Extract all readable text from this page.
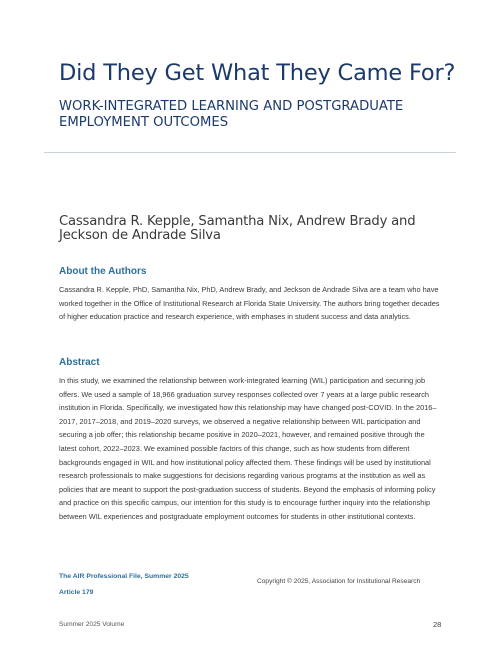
Did They Get What They Came For?
WORK-INTEGRATED LEARNING AND POSTGRADUATE EMPLOYMENT OUTCOMES

Cassandra R. Kepple, Samantha Nix, Andrew Brady and Jeckson de Andrade Silva

About the Authors

Cassandra R. Kepple, PhD, Samantha Nix, PhD, Andrew Brady, and Jeckson de Andrade Silva are a team who have worked together in the Office of Institutional Research at Florida State University. The authors bring together decades of higher education practice and research experience, with emphases in student success and data analytics.

Abstract

In this study, we examined the relationship between work-integrated learning (WIL) participation and securing job offers. We used a sample of 18,966 graduation survey responses collected over 7 years at a large public research institution in Florida. Specifically, we investigated how this relationship may have changed post-COVID. In the 2016–2017, 2017–2018, and 2019–2020 surveys, we observed a negative relationship between WIL participation and securing a job offer; this relationship became positive in 2020–2021, however, and remained positive through the latest cohort, 2022–2023. We examined possible factors of this change, such as how students from different backgrounds engaged in WIL and how institutional policy affected them. These findings will be used by institutional research professionals to make suggestions for decisions regarding various programs at the institution as well as policies that are meant to support the post-graduation success of students. Beyond the emphasis of informing policy and practice on this specific campus, our intention for this study is to encourage further inquiry into the relationship between WIL experiences and postgraduate employment outcomes for students in other institutional contexts.

The AIR Professional File, Summer 2025
Article 179
Copyright © 2025, Association for Institutional Research
Summer 2025 Volume	28
